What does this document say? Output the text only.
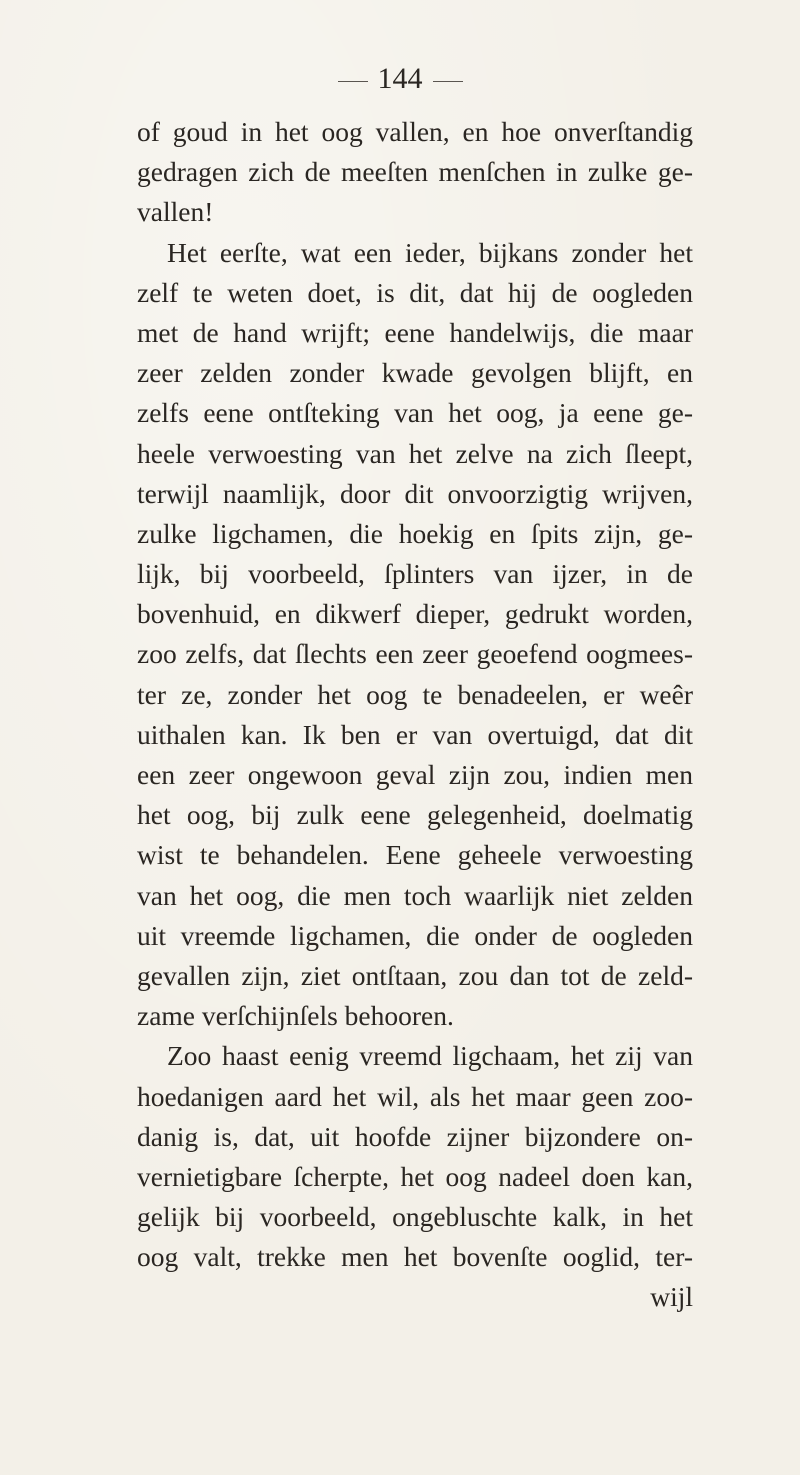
144
of goud in het oog vallen, en hoe onverſtandig
gedragen zich de meeſten menſchen in zulke ge-
vallen!
Het eerſte, wat een ieder, bijkans zonder het
zelf te weten doet, is dit, dat hij de oogleden
met de hand wrijft; eene handelwijs, die maar
zeer zelden zonder kwade gevolgen blijft, en
zelfs eene ontſteking van het oog, ja eene ge-
heele verwoesting van het zelve na zich ſleept,
terwijl naamlijk, door dit onvoorzigtig wrijven,
zulke ligchamen, die hoekig en ſpits zijn, ge-
lijk, bij voorbeeld, ſplinters van ijzer, in de
bovenhuid, en dikwerf dieper, gedrukt worden,
zoo zelfs, dat ſlechts een zeer geoefend oogmees-
ter ze, zonder het oog te benadeelen, er weêr
uithalen kan. Ik ben er van overtuigd, dat dit
een zeer ongewoon geval zijn zou, indien men
het oog, bij zulk eene gelegenheid, doelmatig
wist te behandelen. Eene geheele verwoesting
van het oog, die men toch waarlijk niet zelden
uit vreemde ligchamen, die onder de oogleden
gevallen zijn, ziet ontſtaan, zou dan tot de zeld-
zame verſchijnſels behooren.
Zoo haast eenig vreemd ligchaam, het zij van
hoedanigen aard het wil, als het maar geen zoo-
danig is, dat, uit hoofde zijner bijzondere on-
vernietigbare ſcherpte, het oog nadeel doen kan,
gelijk bij voorbeeld, ongebluschte kalk, in het
oog valt, trekke men het bovenſte ooglid, ter-
wijl
